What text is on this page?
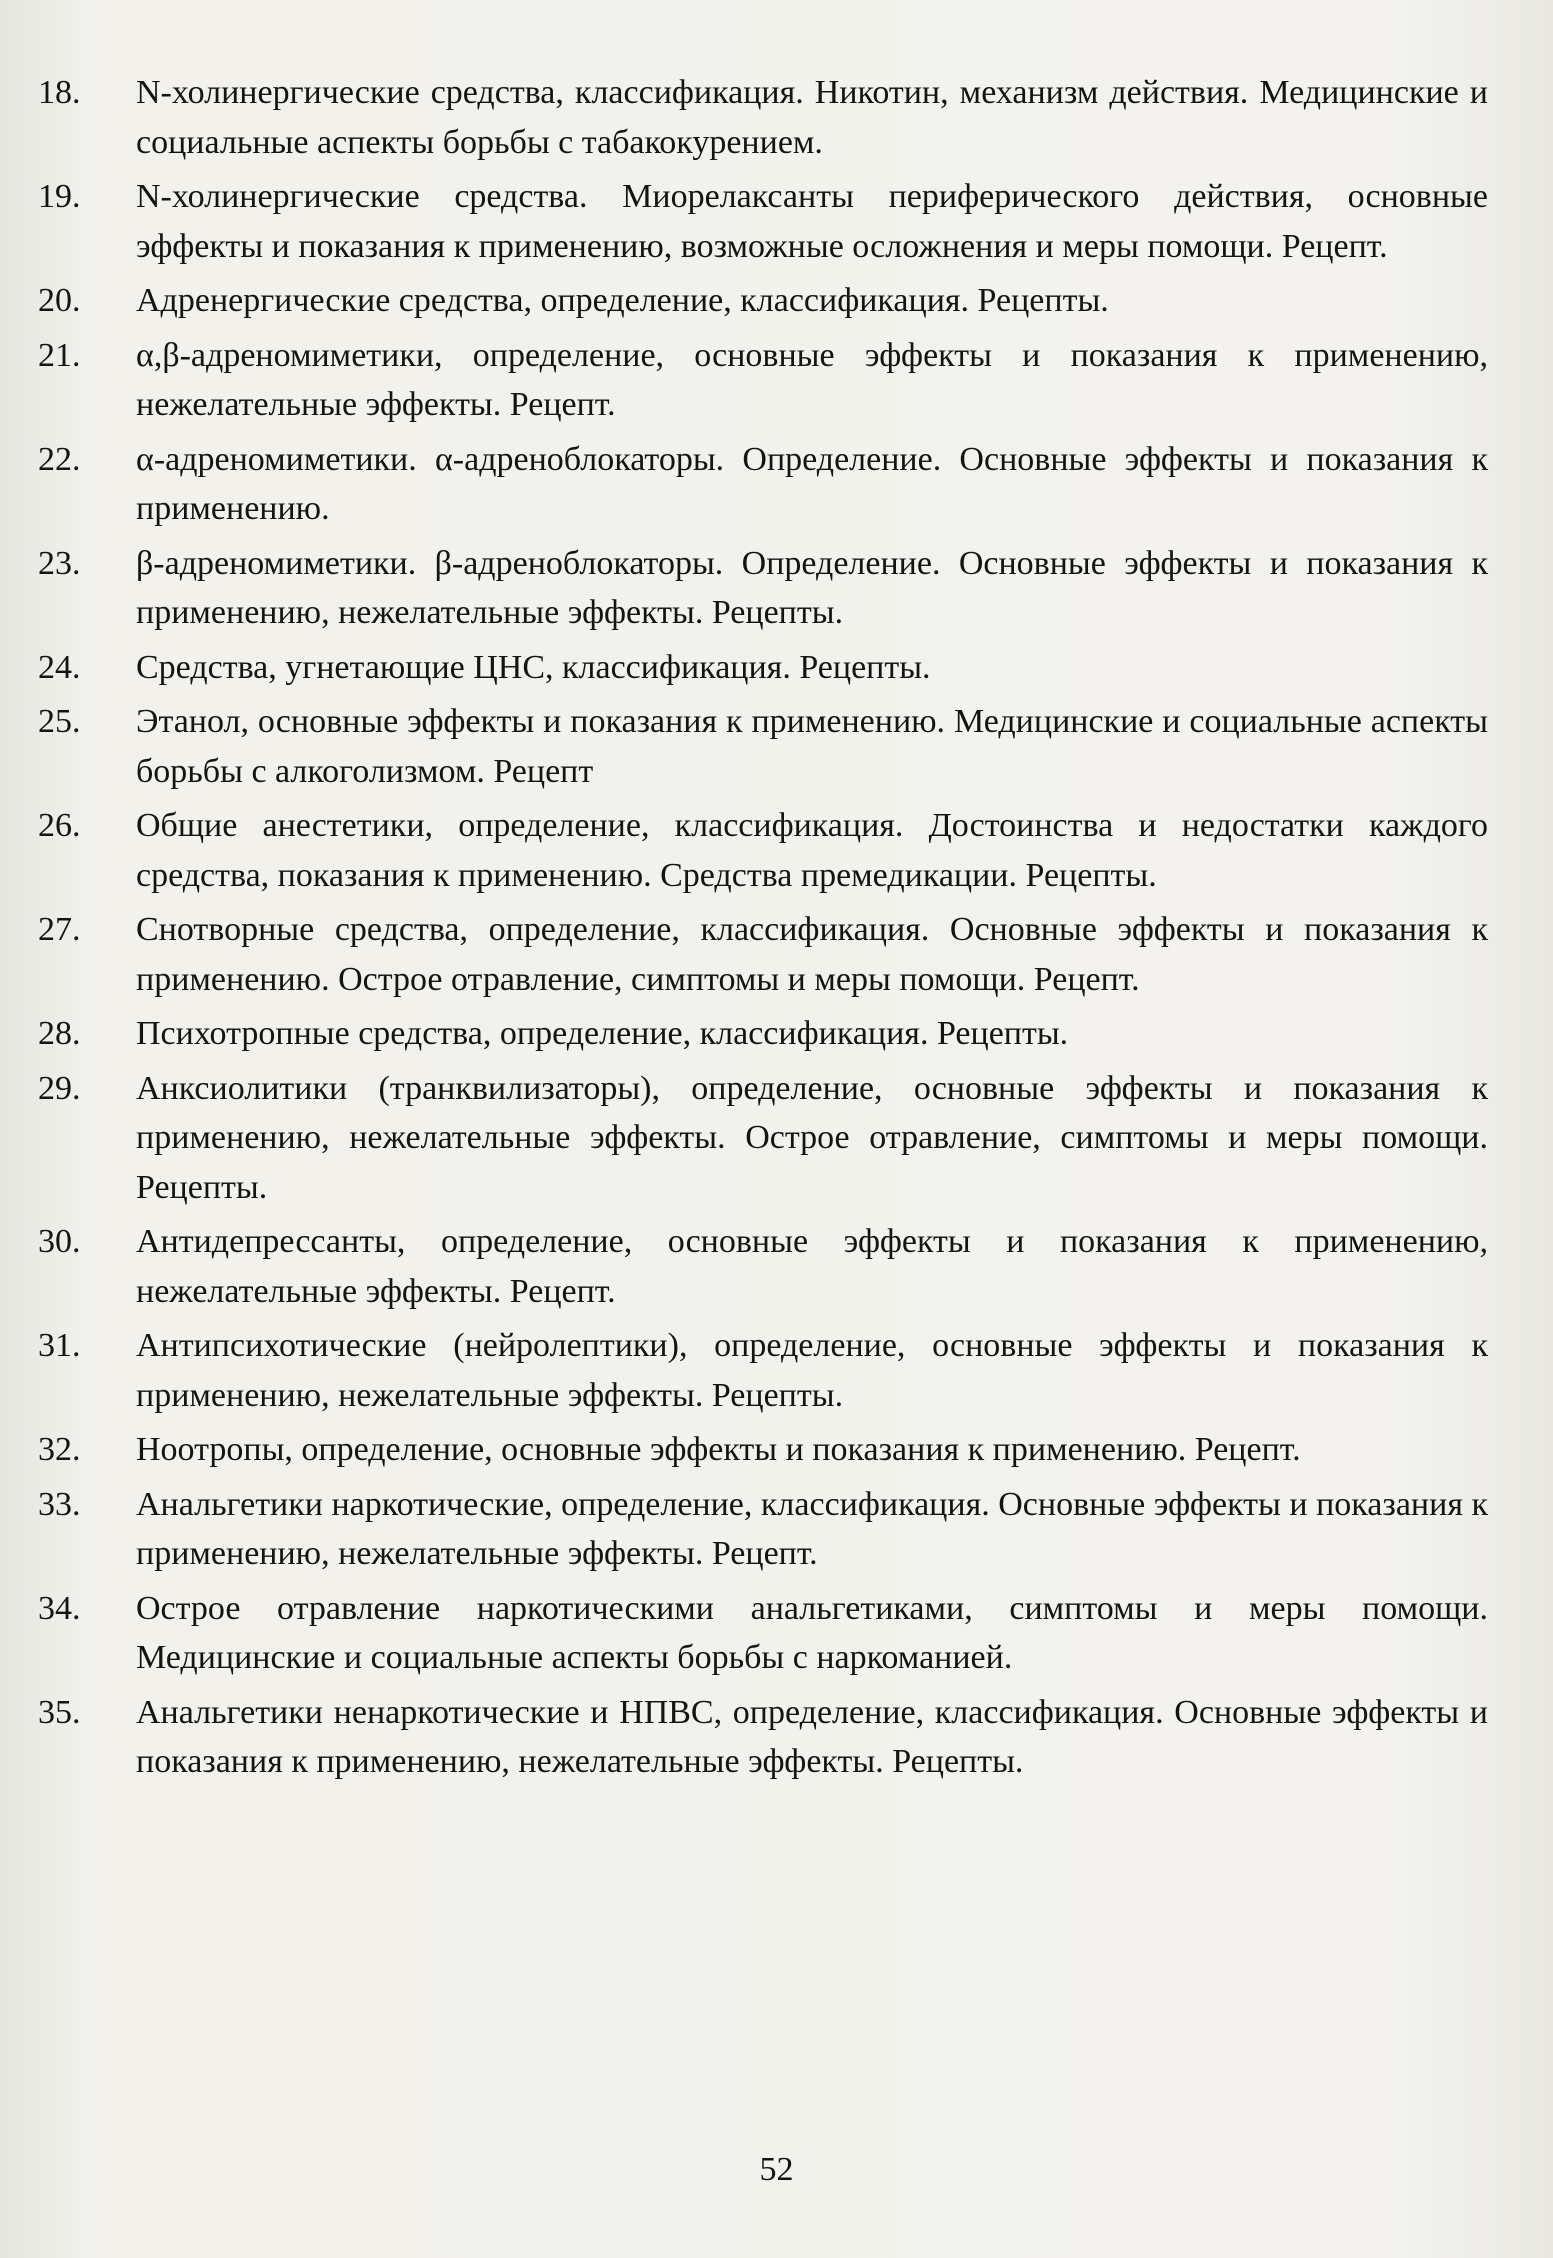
18.	N-холинергические средства, классификация. Никотин, механизм действия. Медицинские и социальные аспекты борьбы с табакокурением.
19.	N-холинергические средства. Миорелаксанты периферического действия, основные эффекты и показания к применению, возможные осложнения и меры помощи. Рецепт.
20.	Адренергические средства, определение, классификация. Рецепты.
21.	α,β-адреномиметики, определение, основные эффекты и показания к применению, нежелательные эффекты. Рецепт.
22.	α-адреномиметики. α-адреноблокаторы. Определение. Основные эффекты и показания к применению.
23.	β-адреномиметики. β-адреноблокаторы. Определение. Основные эффекты и показания к применению, нежелательные эффекты. Рецепты.
24.	Средства, угнетающие ЦНС, классификация. Рецепты.
25.	Этанол, основные эффекты и показания к применению. Медицинские и социальные аспекты борьбы с алкоголизмом. Рецепт
26.	Общие анестетики, определение, классификация. Достоинства и недостатки каждого средства, показания к применению. Средства премедикации. Рецепты.
27.	Снотворные средства, определение, классификация. Основные эффекты и показания к применению. Острое отравление, симптомы и меры помощи. Рецепт.
28.	Психотропные средства, определение, классификация. Рецепты.
29.	Анксиолитики (транквилизаторы), определение, основные эффекты и показания к применению, нежелательные эффекты. Острое отравление, симптомы и меры помощи. Рецепты.
30.	Антидепрессанты, определение, основные эффекты и показания к применению, нежелательные эффекты. Рецепт.
31.	Антипсихотические (нейролептики), определение, основные эффекты и показания к применению, нежелательные эффекты. Рецепты.
32.	Ноотропы, определение, основные эффекты и показания к применению. Рецепт.
33.	Анальгетики наркотические, определение, классификация. Основные эффекты и показания к применению, нежелательные эффекты. Рецепт.
34.	Острое отравление наркотическими анальгетиками, симптомы и меры помощи. Медицинские и социальные аспекты борьбы с наркоманией.
35.	Анальгетики ненаркотические и НПВС, определение, классификация. Основные эффекты и показания к применению, нежелательные эффекты. Рецепты.
52
